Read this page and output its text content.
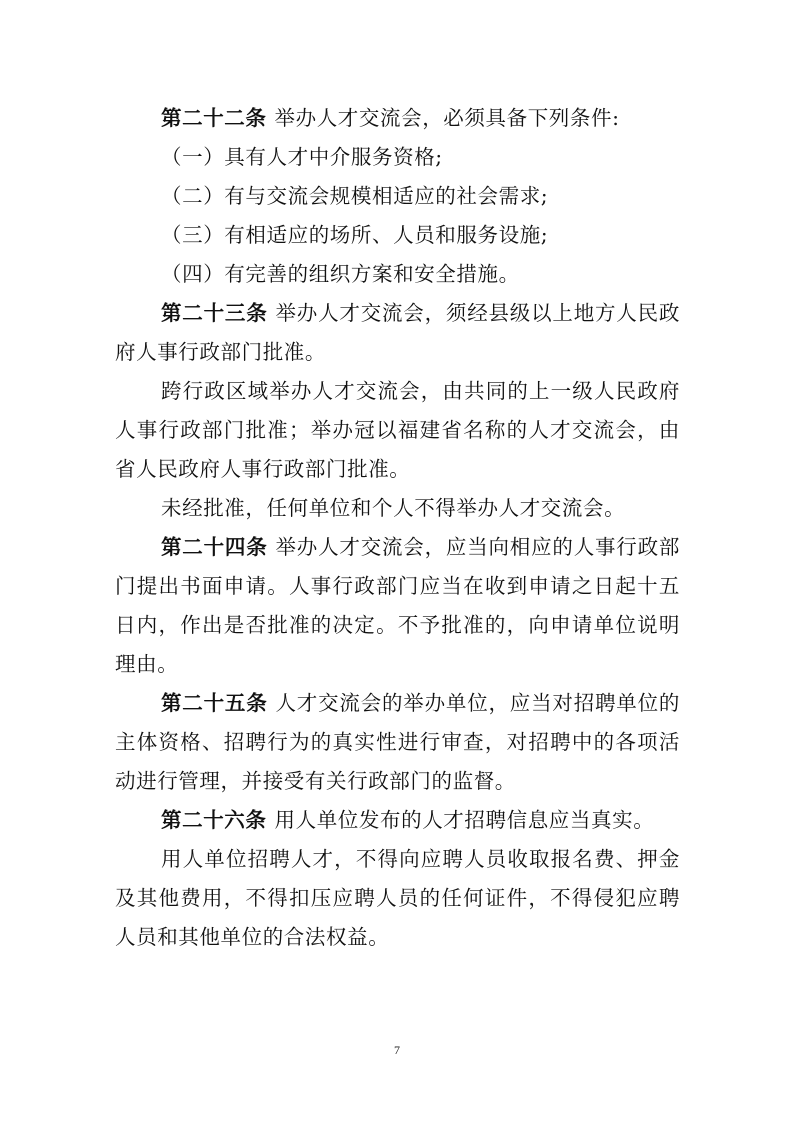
第二十二条 举办人才交流会，必须具备下列条件:

（一）具有人才中介服务资格;

（二）有与交流会规模相适应的社会需求;

（三）有相适应的场所、人员和服务设施;

（四）有完善的组织方案和安全措施。

第二十三条 举办人才交流会，须经县级以上地方人民政府人事行政部门批准。

跨行政区域举办人才交流会，由共同的上一级人民政府人事行政部门批准；举办冠以福建省名称的人才交流会，由省人民政府人事行政部门批准。

未经批准，任何单位和个人不得举办人才交流会。

第二十四条 举办人才交流会，应当向相应的人事行政部门提出书面申请。人事行政部门应当在收到申请之日起十五日内，作出是否批准的决定。不予批准的，向申请单位说明理由。

第二十五条 人才交流会的举办单位，应当对招聘单位的主体资格、招聘行为的真实性进行审查，对招聘中的各项活动进行管理，并接受有关行政部门的监督。

第二十六条 用人单位发布的人才招聘信息应当真实。

用人单位招聘人才，不得向应聘人员收取报名费、押金及其他费用，不得扣压应聘人员的任何证件，不得侵犯应聘人员和其他单位的合法权益。

7
